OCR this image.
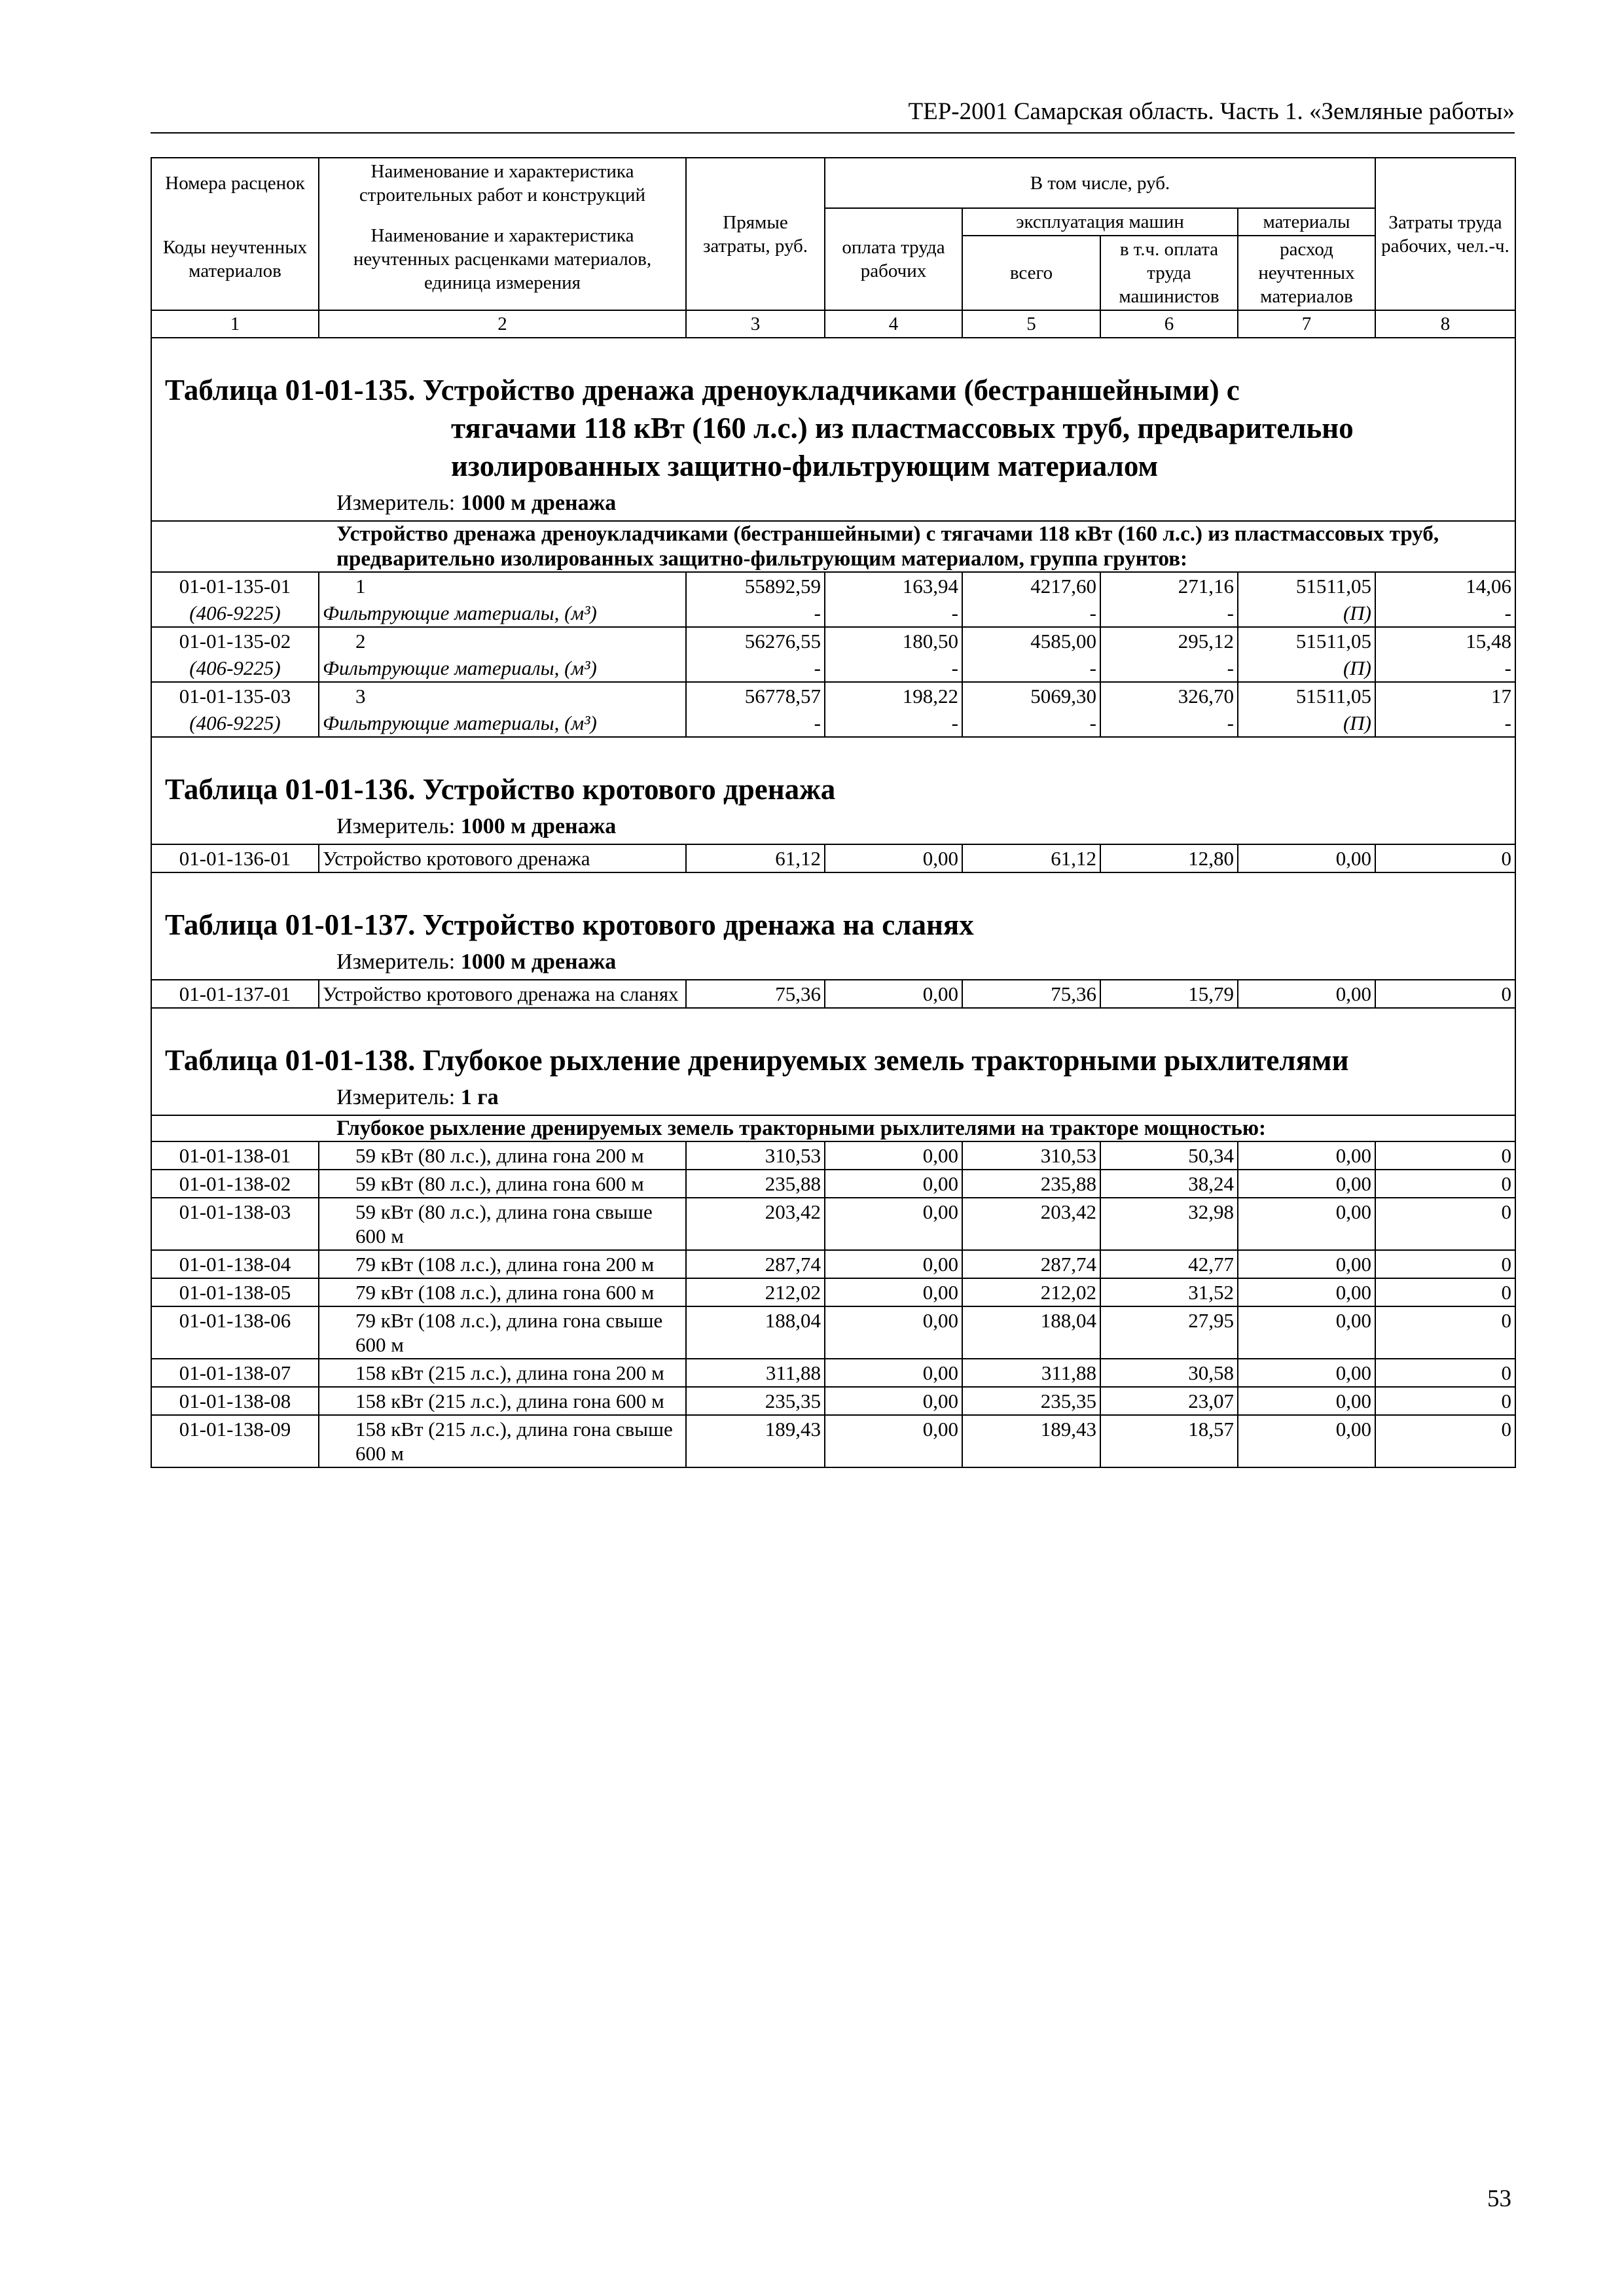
ТЕР-2001 Самарская область. Часть 1. «Земляные работы»
Номера расценок	Наименование и характеристика строительных работ и конструкций	Прямые затраты, руб.	В том числе, руб.				Затраты труда рабочих, чел.-ч.
Коды неучтенных материалов	Наименование и характеристика неучтенных расценками материалов, единица измерения		оплата труда рабочих	эксплуатация машин		материалы	
				всего	в т.ч. оплата труда машинистов	расход неучтенных материалов	
1	2	3	4	5	6	7	8

Таблица 01-01-135. Устройство дренажа дреноукладчиками (бестраншейными) с
тягачами 118 кВт (160 л.с.) из пластмассовых труб, предварительно
изолированных защитно-фильтрующим материалом
Измеритель: 1000 м дренажа							

Устройство дренажа дреноукладчиками (бестраншейными) с тягачами 118 кВт (160 л.с.) из пластмассовых труб, предварительно изолированных защитно-фильтрующим материалом, группа грунтов:							
01-01-135-01	1	55892,59	163,94	4217,60	271,16	51511,05	14,06
(406-9225)	Фильтрующие материалы, (м³)	-	-	-	-	(П)	-
01-01-135-02	2	56276,55	180,50	4585,00	295,12	51511,05	15,48
(406-9225)	Фильтрующие материалы, (м³)	-	-	-	-	(П)	-
01-01-135-03	3	56778,57	198,22	5069,30	326,70	51511,05	17
(406-9225)	Фильтрующие материалы, (м³)	-	-	-	-	(П)	-

Таблица 01-01-136. Устройство кротового дренажа
Измеритель: 1000 м дренажа							

01-01-136-01	Устройство кротового дренажа	61,12	0,00	61,12	12,80	0,00	0

Таблица 01-01-137. Устройство кротового дренажа на сланях
Измеритель: 1000 м дренажа							

01-01-137-01	Устройство кротового дренажа на сланях	75,36	0,00	75,36	15,79	0,00	0

Таблица 01-01-138. Глубокое рыхление дренируемых земель тракторными рыхлителями
Измеритель: 1 га							

Глубокое рыхление дренируемых земель тракторными рыхлителями на тракторе мощностью:							
01-01-138-01	59 кВт (80 л.с.), длина гона 200 м	310,53	0,00	310,53	50,34	0,00	0
01-01-138-02	59 кВт (80 л.с.), длина гона 600 м	235,88	0,00	235,88	38,24	0,00	0
01-01-138-03	59 кВт (80 л.с.), длина гона свыше 600 м	203,42	0,00	203,42	32,98	0,00	0
01-01-138-04	79 кВт (108 л.с.), длина гона 200 м	287,74	0,00	287,74	42,77	0,00	0
01-01-138-05	79 кВт (108 л.с.), длина гона 600 м	212,02	0,00	212,02	31,52	0,00	0
01-01-138-06	79 кВт (108 л.с.), длина гона свыше 600 м	188,04	0,00	188,04	27,95	0,00	0
01-01-138-07	158 кВт (215 л.с.), длина гона 200 м	311,88	0,00	311,88	30,58	0,00	0
01-01-138-08	158 кВт (215 л.с.), длина гона 600 м	235,35	0,00	235,35	23,07	0,00	0
01-01-138-09	158 кВт (215 л.с.), длина гона свыше 600 м	189,43	0,00	189,43	18,57	0,00	0
53
